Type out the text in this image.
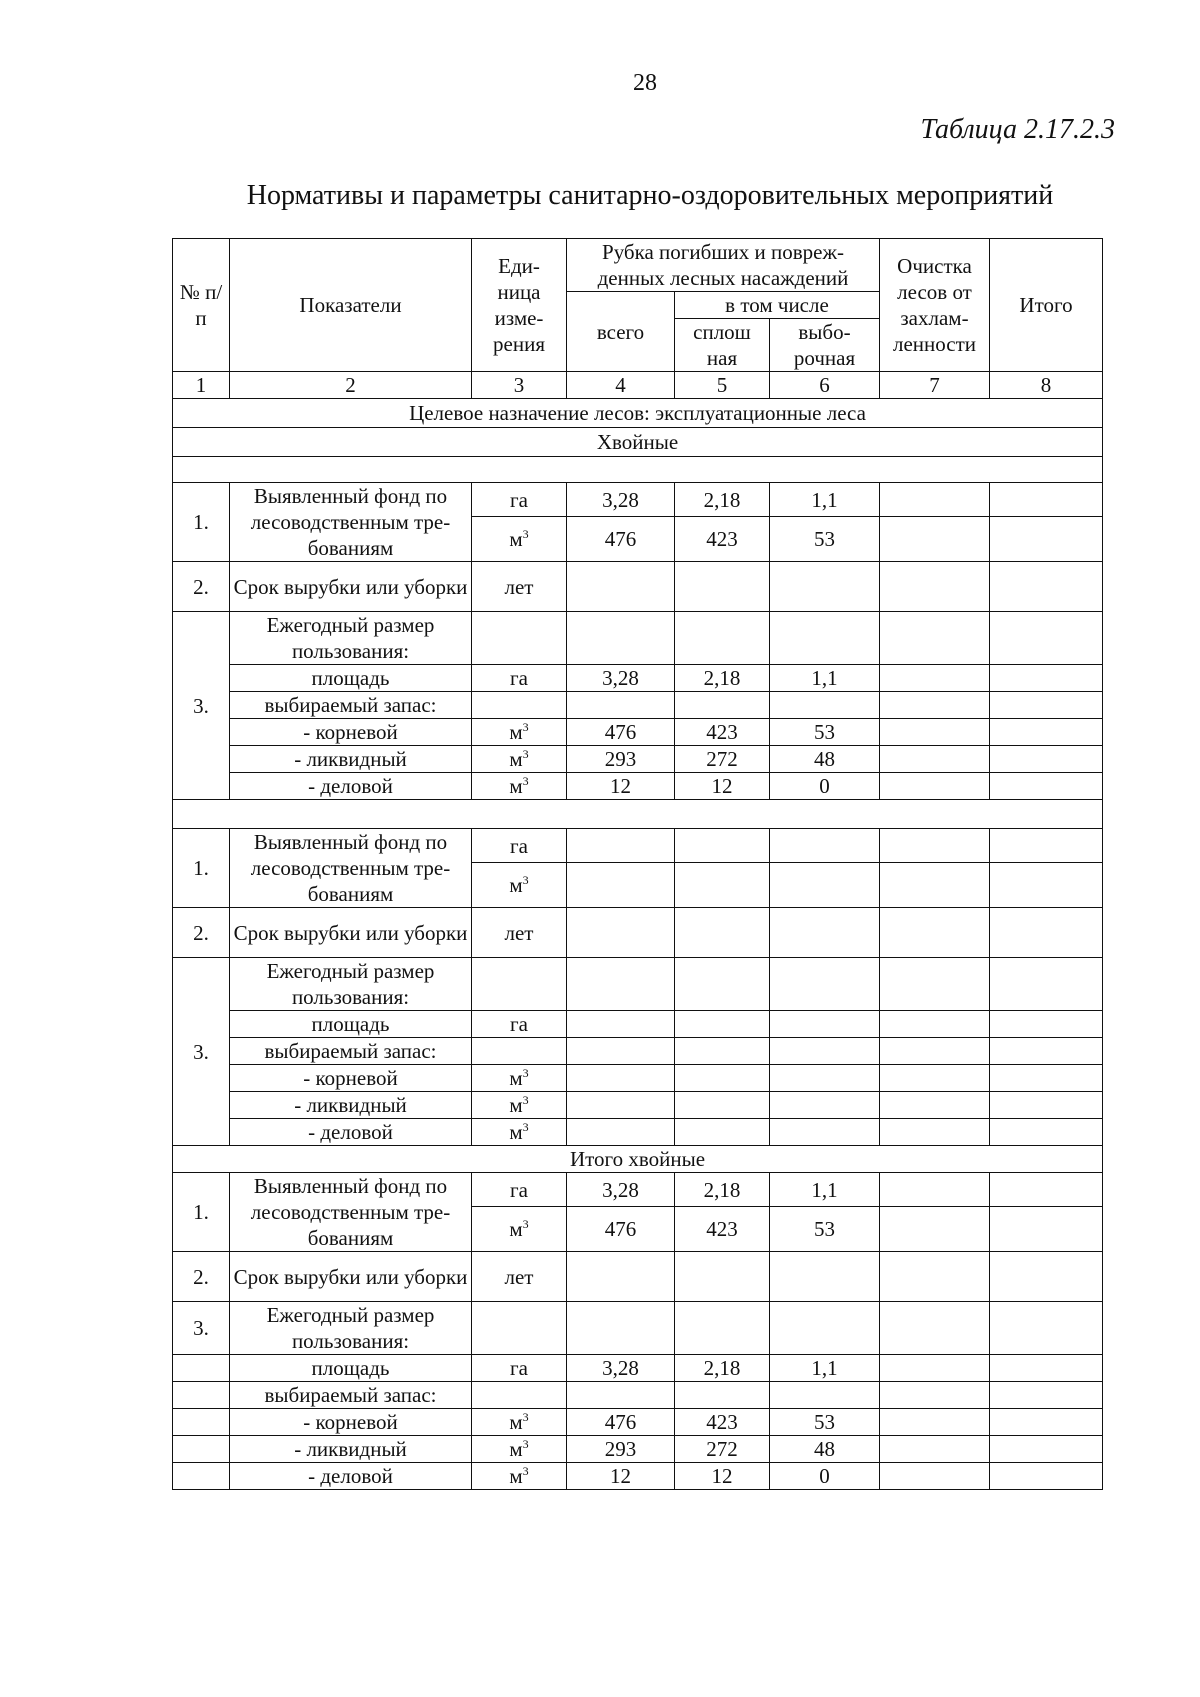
28
Таблица 2.17.2.3
Нормативы и параметры санитарно-оздоровительных мероприятий
№ п/п	Показатели	Еди-ница изме-рения	Рубка погибших и повреж-денных лесных насаждений			Очистка лесов от захлам-ленности	Итого
			всего	в том числе			
				сплош ная	выбо-рочная		
1	2	3	4	5	6	7	8
Целевое назначение лесов: эксплуатационные леса							
Хвойные							

1.	Выявленный фонд по лесоводственным тре-бованиям	га	3,28	2,18	1,1		
		$м^3$	476	423	53		
2.	Срок вырубки или уборки	лет					
3.	Ежегодный размер пользования:						
	площадь	га	3,28	2,18	1,1		
	выбираемый запас:						
	- корневой	$м^3$	476	423	53		
	- ликвидный	$м^3$	293	272	48		
	- деловой	$м^3$	12	12	0		

1.	Выявленный фонд по лесоводственным тре-бованиям	га					
		$м^3$					
2.	Срок вырубки или уборки	лет					
3.	Ежегодный размер пользования:						
	площадь	га					
	выбираемый запас:						
	- корневой	$м^3$					
	- ликвидный	$м^3$					
	- деловой	$м^3$					
Итого хвойные							
1.	Выявленный фонд по лесоводственным тре-бованиям	га	3,28	2,18	1,1		
		$м^3$	476	423	53		
2.	Срок вырубки или уборки	лет					
3.	Ежегодный размер пользования:						
	площадь	га	3,28	2,18	1,1		
	выбираемый запас:						
	- корневой	$м^3$	476	423	53		
	- ликвидный	$м^3$	293	272	48		
	- деловой	$м^3$	12	12	0		
